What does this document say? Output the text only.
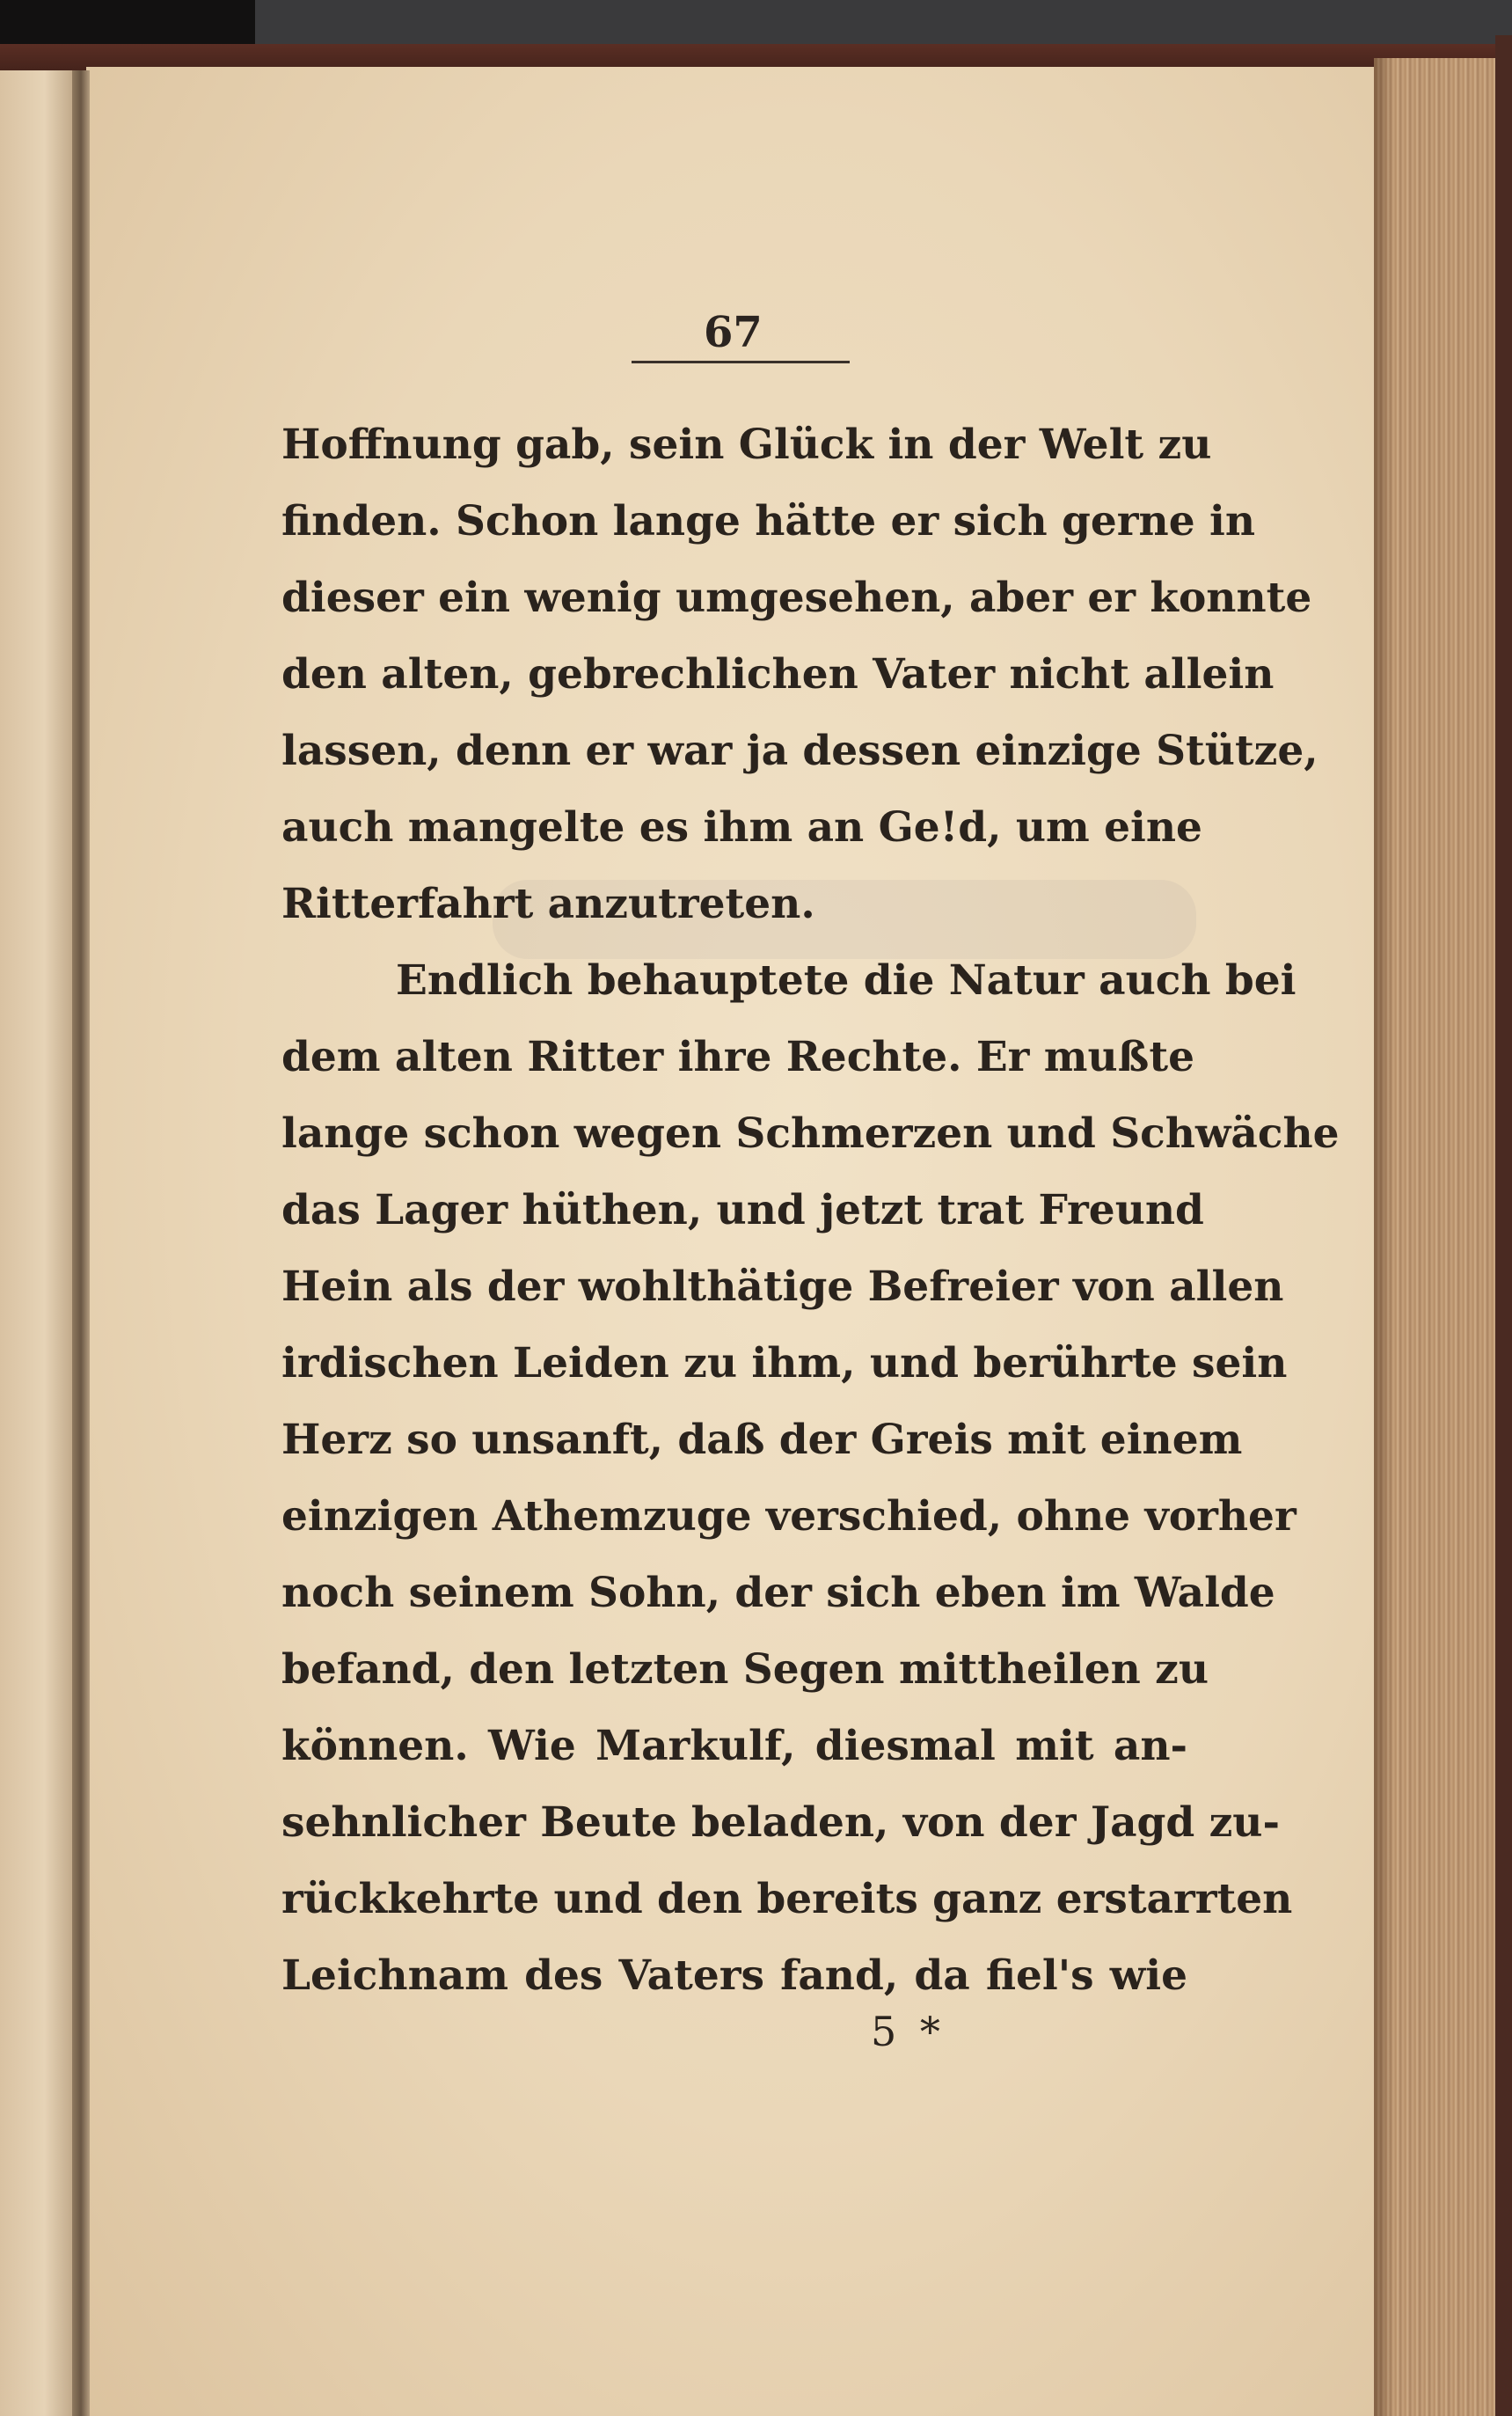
67
Hoffnung gab, sein Glück in der Welt zu
finden. Schon lange hätte er sich gerne in
dieser ein wenig umgesehen, aber er konnte
den alten, gebrechlichen Vater nicht allein
lassen, denn er war ja dessen einzige Stütze,
auch mangelte es ihm an Ge!d, um eine
Ritterfahrt anzutreten.
Endlich behauptete die Natur auch bei
dem alten Ritter ihre Rechte. Er mußte
lange schon wegen Schmerzen und Schwäche
das Lager hüthen, und jetzt trat Freund
Hein als der wohlthätige Befreier von allen
irdischen Leiden zu ihm, und berührte sein
Herz so unsanft, daß der Greis mit einem
einzigen Athemzuge verschied, ohne vorher
noch seinem Sohn, der sich eben im Walde
befand, den letzten Segen mittheilen zu
können. Wie Markulf, diesmal mit an-
sehnlicher Beute beladen, von der Jagd zu-
rückkehrte und den bereits ganz erstarrten
Leichnam des Vaters fand, da fiel's wie
5 *
